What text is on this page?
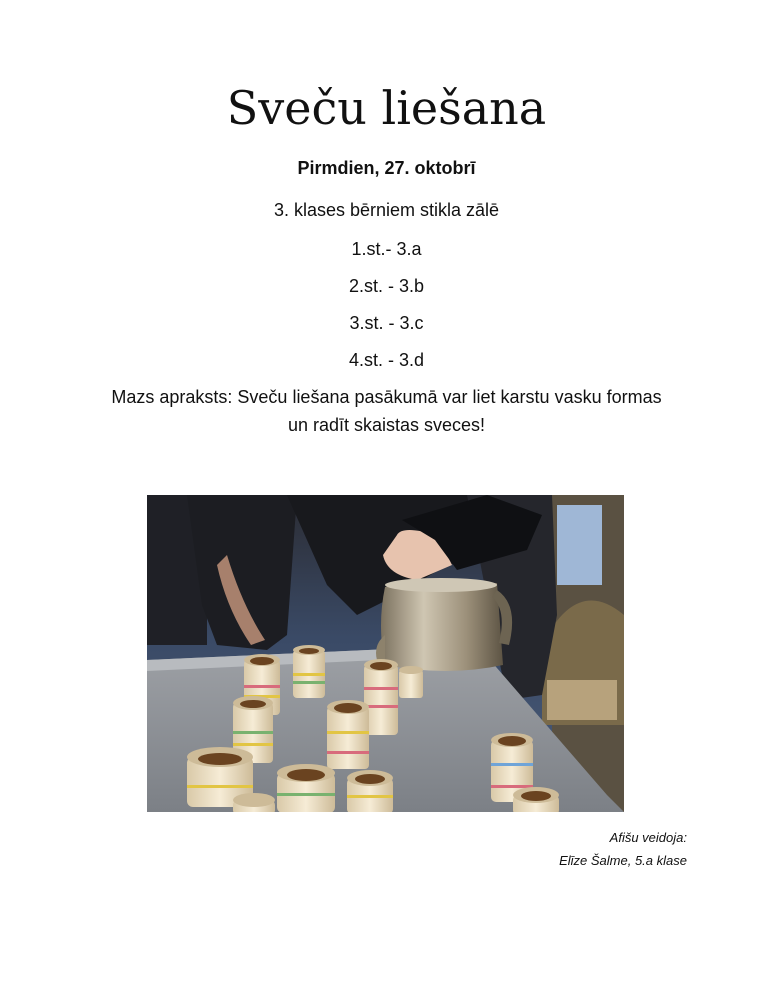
Sveču liešana
Pirmdien, 27. oktobrī
3. klases bērniem stikla zālē
1.st.- 3.a
2.st. - 3.b
3.st. - 3.c
4.st. - 3.d
Mazs apraksts: Sveču liešana pasākumā var liet karstu vasku formas un radīt skaistas sveces!
Afišu veidoja:
Elīze Šalme, 5.a klase
